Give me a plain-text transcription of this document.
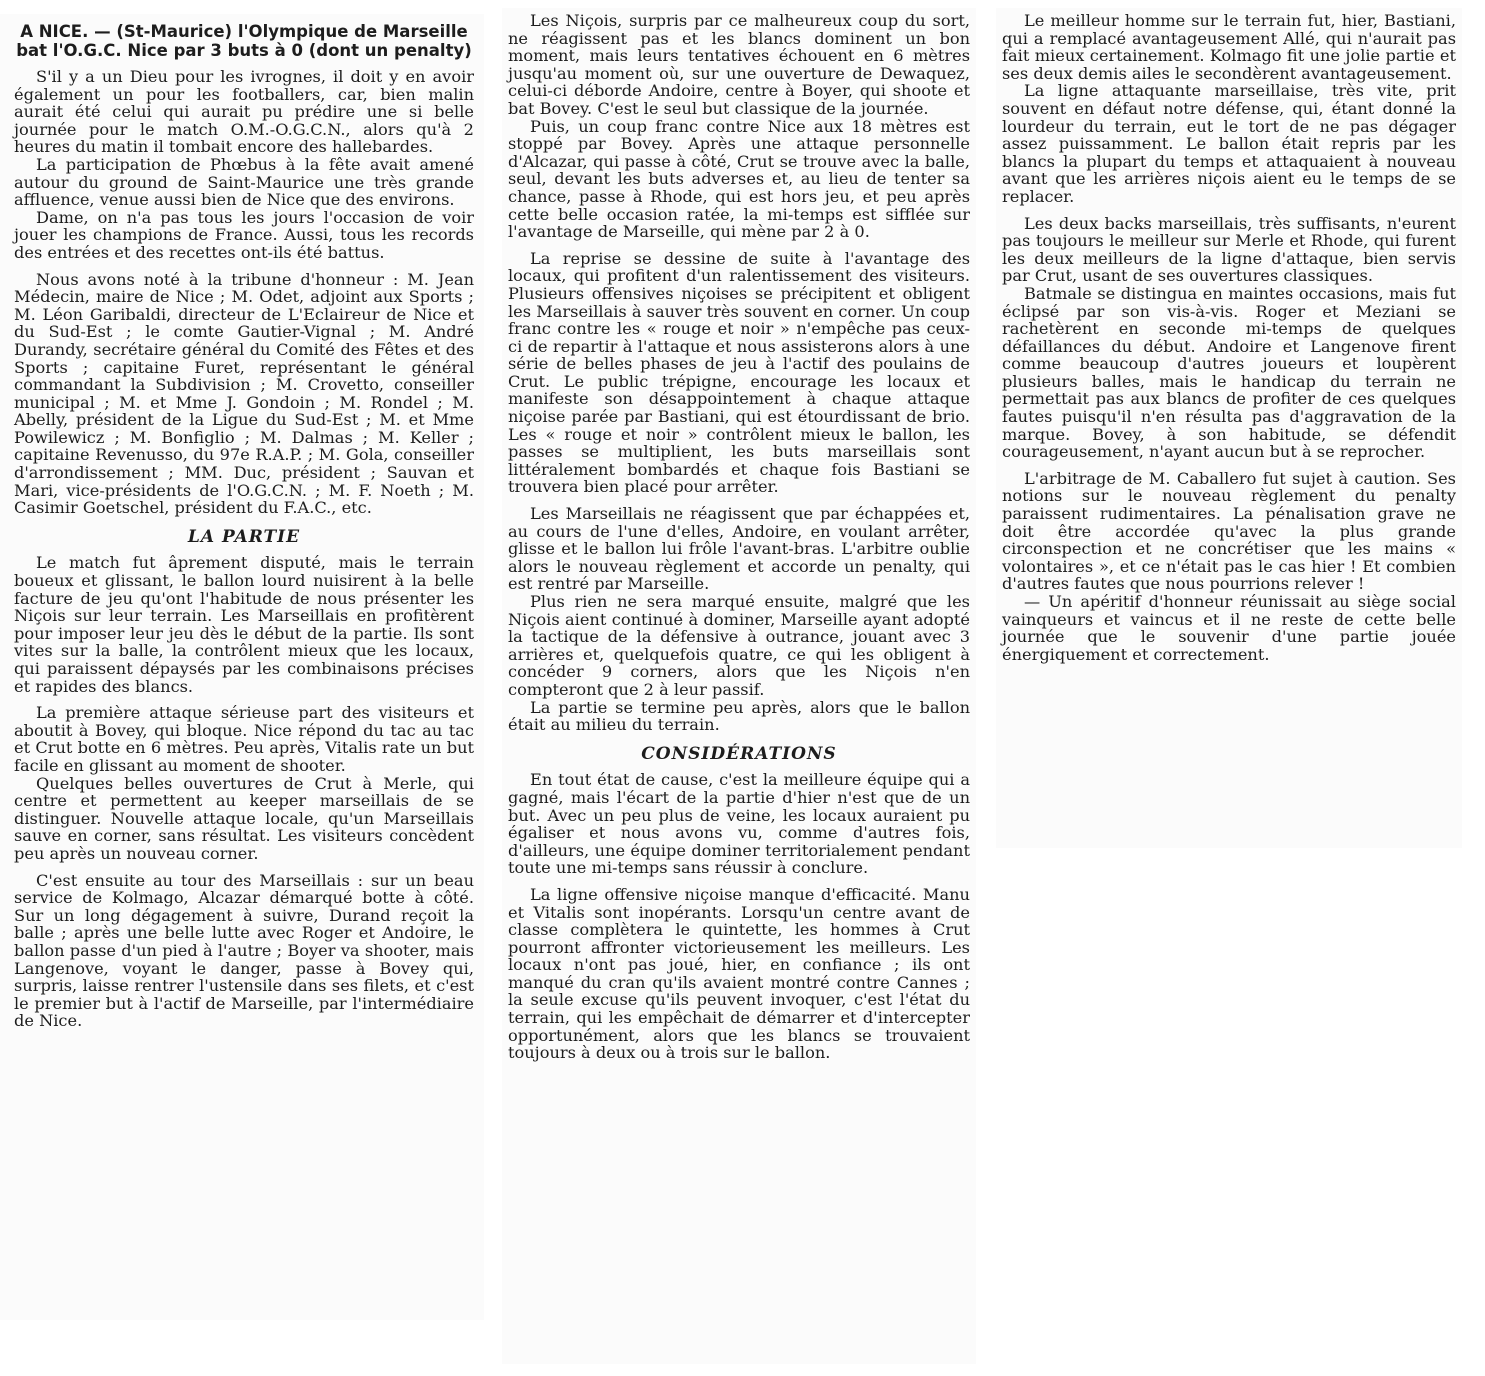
A NICE. — (St-Maurice) l'Olympique de Marseille bat l'O.G.C. Nice par 3 buts à 0 (dont un penalty)

S'il y a un Dieu pour les ivrognes, il doit y en avoir également un pour les footballers, car, bien malin aurait été celui qui aurait pu prédire une si belle journée pour le match O.M.-O.G.C.N., alors qu'à 2 heures du matin il tombait encore des hallebardes.

La participation de Phœbus à la fête avait amené autour du ground de Saint-Maurice une très grande affluence, venue aussi bien de Nice que des environs.

Dame, on n'a pas tous les jours l'occasion de voir jouer les champions de France. Aussi, tous les records des entrées et des recettes ont-ils été battus.

Nous avons noté à la tribune d'honneur : M. Jean Médecin, maire de Nice ; M. Odet, adjoint aux Sports ; M. Léon Garibaldi, directeur de L'Eclaireur de Nice et du Sud-Est ; le comte Gautier-Vignal ; M. André Durandy, secrétaire général du Comité des Fêtes et des Sports ; capitaine Furet, représentant le général commandant la Subdivision ; M. Crovetto, conseiller municipal ; M. et Mme J. Gondoin ; M. Rondel ; M. Abelly, président de la Ligue du Sud-Est ; M. et Mme Powilewicz ; M. Bonfiglio ; M. Dalmas ; M. Keller ; capitaine Revenusso, du 97e R.A.P. ; M. Gola, conseiller d'arrondissement ; MM. Duc, président ; Sauvan et Mari, vice-présidents de l'O.G.C.N. ; M. F. Noeth ; M. Casimir Goetschel, président du F.A.C., etc.

LA PARTIE

Le match fut âprement disputé, mais le terrain boueux et glissant, le ballon lourd nuisirent à la belle facture de jeu qu'ont l'habitude de nous présenter les Niçois sur leur terrain. Les Marseillais en profitèrent pour imposer leur jeu dès le début de la partie. Ils sont vites sur la balle, la contrôlent mieux que les locaux, qui paraissent dépaysés par les combinaisons précises et rapides des blancs.

La première attaque sérieuse part des visiteurs et aboutit à Bovey, qui bloque. Nice répond du tac au tac et Crut botte en 6 mètres. Peu après, Vitalis rate un but facile en glissant au moment de shooter.

Quelques belles ouvertures de Crut à Merle, qui centre et permettent au keeper marseillais de se distinguer. Nouvelle attaque locale, qu'un Marseillais sauve en corner, sans résultat. Les visiteurs concèdent peu après un nouveau corner.

C'est ensuite au tour des Marseillais : sur un beau service de Kolmago, Alcazar démarqué botte à côté. Sur un long dégagement à suivre, Durand reçoit la balle ; après une belle lutte avec Roger et Andoire, le ballon passe d'un pied à l'autre ; Boyer va shooter, mais Langenove, voyant le danger, passe à Bovey qui, surpris, laisse rentrer l'ustensile dans ses filets, et c'est le premier but à l'actif de Marseille, par l'intermédiaire de Nice.

Les Niçois, surpris par ce malheureux coup du sort, ne réagissent pas et les blancs dominent un bon moment, mais leurs tentatives échouent en 6 mètres jusqu'au moment où, sur une ouverture de Dewaquez, celui-ci déborde Andoire, centre à Boyer, qui shoote et bat Bovey. C'est le seul but classique de la journée.

Puis, un coup franc contre Nice aux 18 mètres est stoppé par Bovey. Après une attaque personnelle d'Alcazar, qui passe à côté, Crut se trouve avec la balle, seul, devant les buts adverses et, au lieu de tenter sa chance, passe à Rhode, qui est hors jeu, et peu après cette belle occasion ratée, la mi-temps est sifflée sur l'avantage de Marseille, qui mène par 2 à 0.

La reprise se dessine de suite à l'avantage des locaux, qui profitent d'un ralentissement des visiteurs. Plusieurs offensives niçoises se précipitent et obligent les Marseillais à sauver très souvent en corner. Un coup franc contre les « rouge et noir » n'empêche pas ceux-ci de repartir à l'attaque et nous assisterons alors à une série de belles phases de jeu à l'actif des poulains de Crut. Le public trépigne, encourage les locaux et manifeste son désappointement à chaque attaque niçoise parée par Bastiani, qui est étourdissant de brio. Les « rouge et noir » contrôlent mieux le ballon, les passes se multiplient, les buts marseillais sont littéralement bombardés et chaque fois Bastiani se trouvera bien placé pour arrêter.

Les Marseillais ne réagissent que par échappées et, au cours de l'une d'elles, Andoire, en voulant arrêter, glisse et le ballon lui frôle l'avant-bras. L'arbitre oublie alors le nouveau règlement et accorde un penalty, qui est rentré par Marseille.

Plus rien ne sera marqué ensuite, malgré que les Niçois aient continué à dominer, Marseille ayant adopté la tactique de la défensive à outrance, jouant avec 3 arrières et, quelquefois quatre, ce qui les obligent à concéder 9 corners, alors que les Niçois n'en compteront que 2 à leur passif.

La partie se termine peu après, alors que le ballon était au milieu du terrain.

CONSIDÉRATIONS

En tout état de cause, c'est la meilleure équipe qui a gagné, mais l'écart de la partie d'hier n'est que de un but. Avec un peu plus de veine, les locaux auraient pu égaliser et nous avons vu, comme d'autres fois, d'ailleurs, une équipe dominer territorialement pendant toute une mi-temps sans réussir à conclure.

La ligne offensive niçoise manque d'efficacité. Manu et Vitalis sont inopérants. Lorsqu'un centre avant de classe complètera le quintette, les hommes à Crut pourront affronter victorieusement les meilleurs. Les locaux n'ont pas joué, hier, en confiance ; ils ont manqué du cran qu'ils avaient montré contre Cannes ; la seule excuse qu'ils peuvent invoquer, c'est l'état du terrain, qui les empêchait de démarrer et d'intercepter opportunément, alors que les blancs se trouvaient toujours à deux ou à trois sur le ballon.

Le meilleur homme sur le terrain fut, hier, Bastiani, qui a remplacé avantageusement Allé, qui n'aurait pas fait mieux certainement. Kolmago fit une jolie partie et ses deux demis ailes le secondèrent avantageusement.

La ligne attaquante marseillaise, très vite, prit souvent en défaut notre défense, qui, étant donné la lourdeur du terrain, eut le tort de ne pas dégager assez puissamment. Le ballon était repris par les blancs la plupart du temps et attaquaient à nouveau avant que les arrières niçois aient eu le temps de se replacer.

Les deux backs marseillais, très suffisants, n'eurent pas toujours le meilleur sur Merle et Rhode, qui furent les deux meilleurs de la ligne d'attaque, bien servis par Crut, usant de ses ouvertures classiques.

Batmale se distingua en maintes occasions, mais fut éclipsé par son vis-à-vis. Roger et Meziani se rachetèrent en seconde mi-temps de quelques défaillances du début. Andoire et Langenove firent comme beaucoup d'autres joueurs et loupèrent plusieurs balles, mais le handicap du terrain ne permettait pas aux blancs de profiter de ces quelques fautes puisqu'il n'en résulta pas d'aggravation de la marque. Bovey, à son habitude, se défendit courageusement, n'ayant aucun but à se reprocher.

L'arbitrage de M. Caballero fut sujet à caution. Ses notions sur le nouveau règlement du penalty paraissent rudimentaires. La pénalisation grave ne doit être accordée qu'avec la plus grande circonspection et ne concrétiser que les mains « volontaires », et ce n'était pas le cas hier ! Et combien d'autres fautes que nous pourrions relever !

— Un apéritif d'honneur réunissait au siège social vainqueurs et vaincus et il ne reste de cette belle journée que le souvenir d'une partie jouée énergiquement et correctement.
